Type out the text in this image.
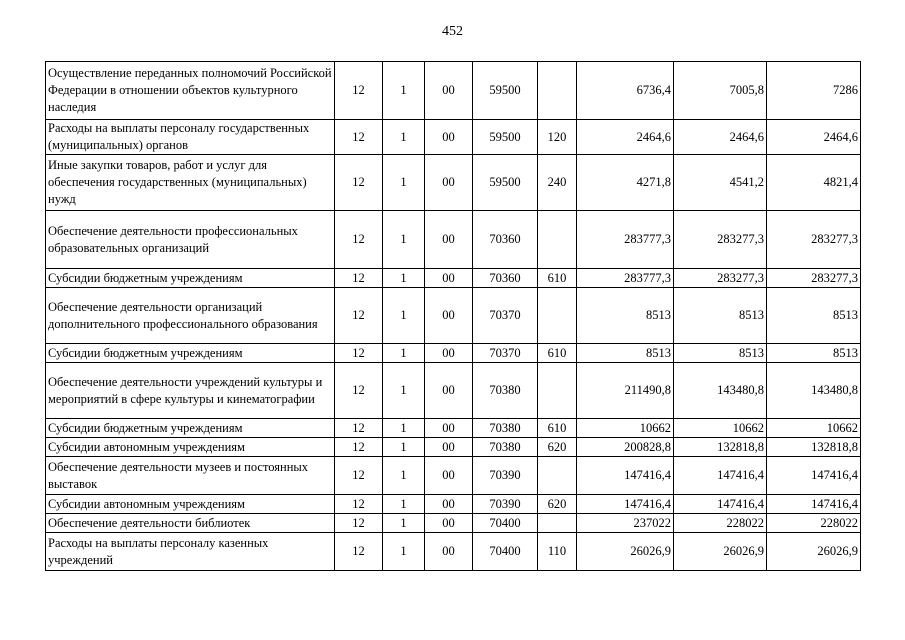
452
Осуществление переданных полномочий Российской Федерации в отношении объектов культурного наследия	12	1	00	59500		6736,4	7005,8	7286
Расходы на выплаты персоналу государственных (муниципальных) органов	12	1	00	59500	120	2464,6	2464,6	2464,6
Иные закупки товаров, работ и услуг для обеспечения государственных (муниципальных) нужд	12	1	00	59500	240	4271,8	4541,2	4821,4
Обеспечение деятельности профессиональных образовательных организаций	12	1	00	70360		283777,3	283277,3	283277,3
Субсидии бюджетным учреждениям	12	1	00	70360	610	283777,3	283277,3	283277,3
Обеспечение деятельности организаций дополнительного профессионального образования	12	1	00	70370		8513	8513	8513
Субсидии бюджетным учреждениям	12	1	00	70370	610	8513	8513	8513
Обеспечение деятельности учреждений культуры и мероприятий в сфере культуры и кинематографии	12	1	00	70380		211490,8	143480,8	143480,8
Субсидии бюджетным учреждениям	12	1	00	70380	610	10662	10662	10662
Субсидии автономным учреждениям	12	1	00	70380	620	200828,8	132818,8	132818,8
Обеспечение деятельности музеев и постоянных выставок	12	1	00	70390		147416,4	147416,4	147416,4
Субсидии автономным учреждениям	12	1	00	70390	620	147416,4	147416,4	147416,4
Обеспечение деятельности библиотек	12	1	00	70400		237022	228022	228022
Расходы на выплаты персоналу казенных учреждений	12	1	00	70400	110	26026,9	26026,9	26026,9
